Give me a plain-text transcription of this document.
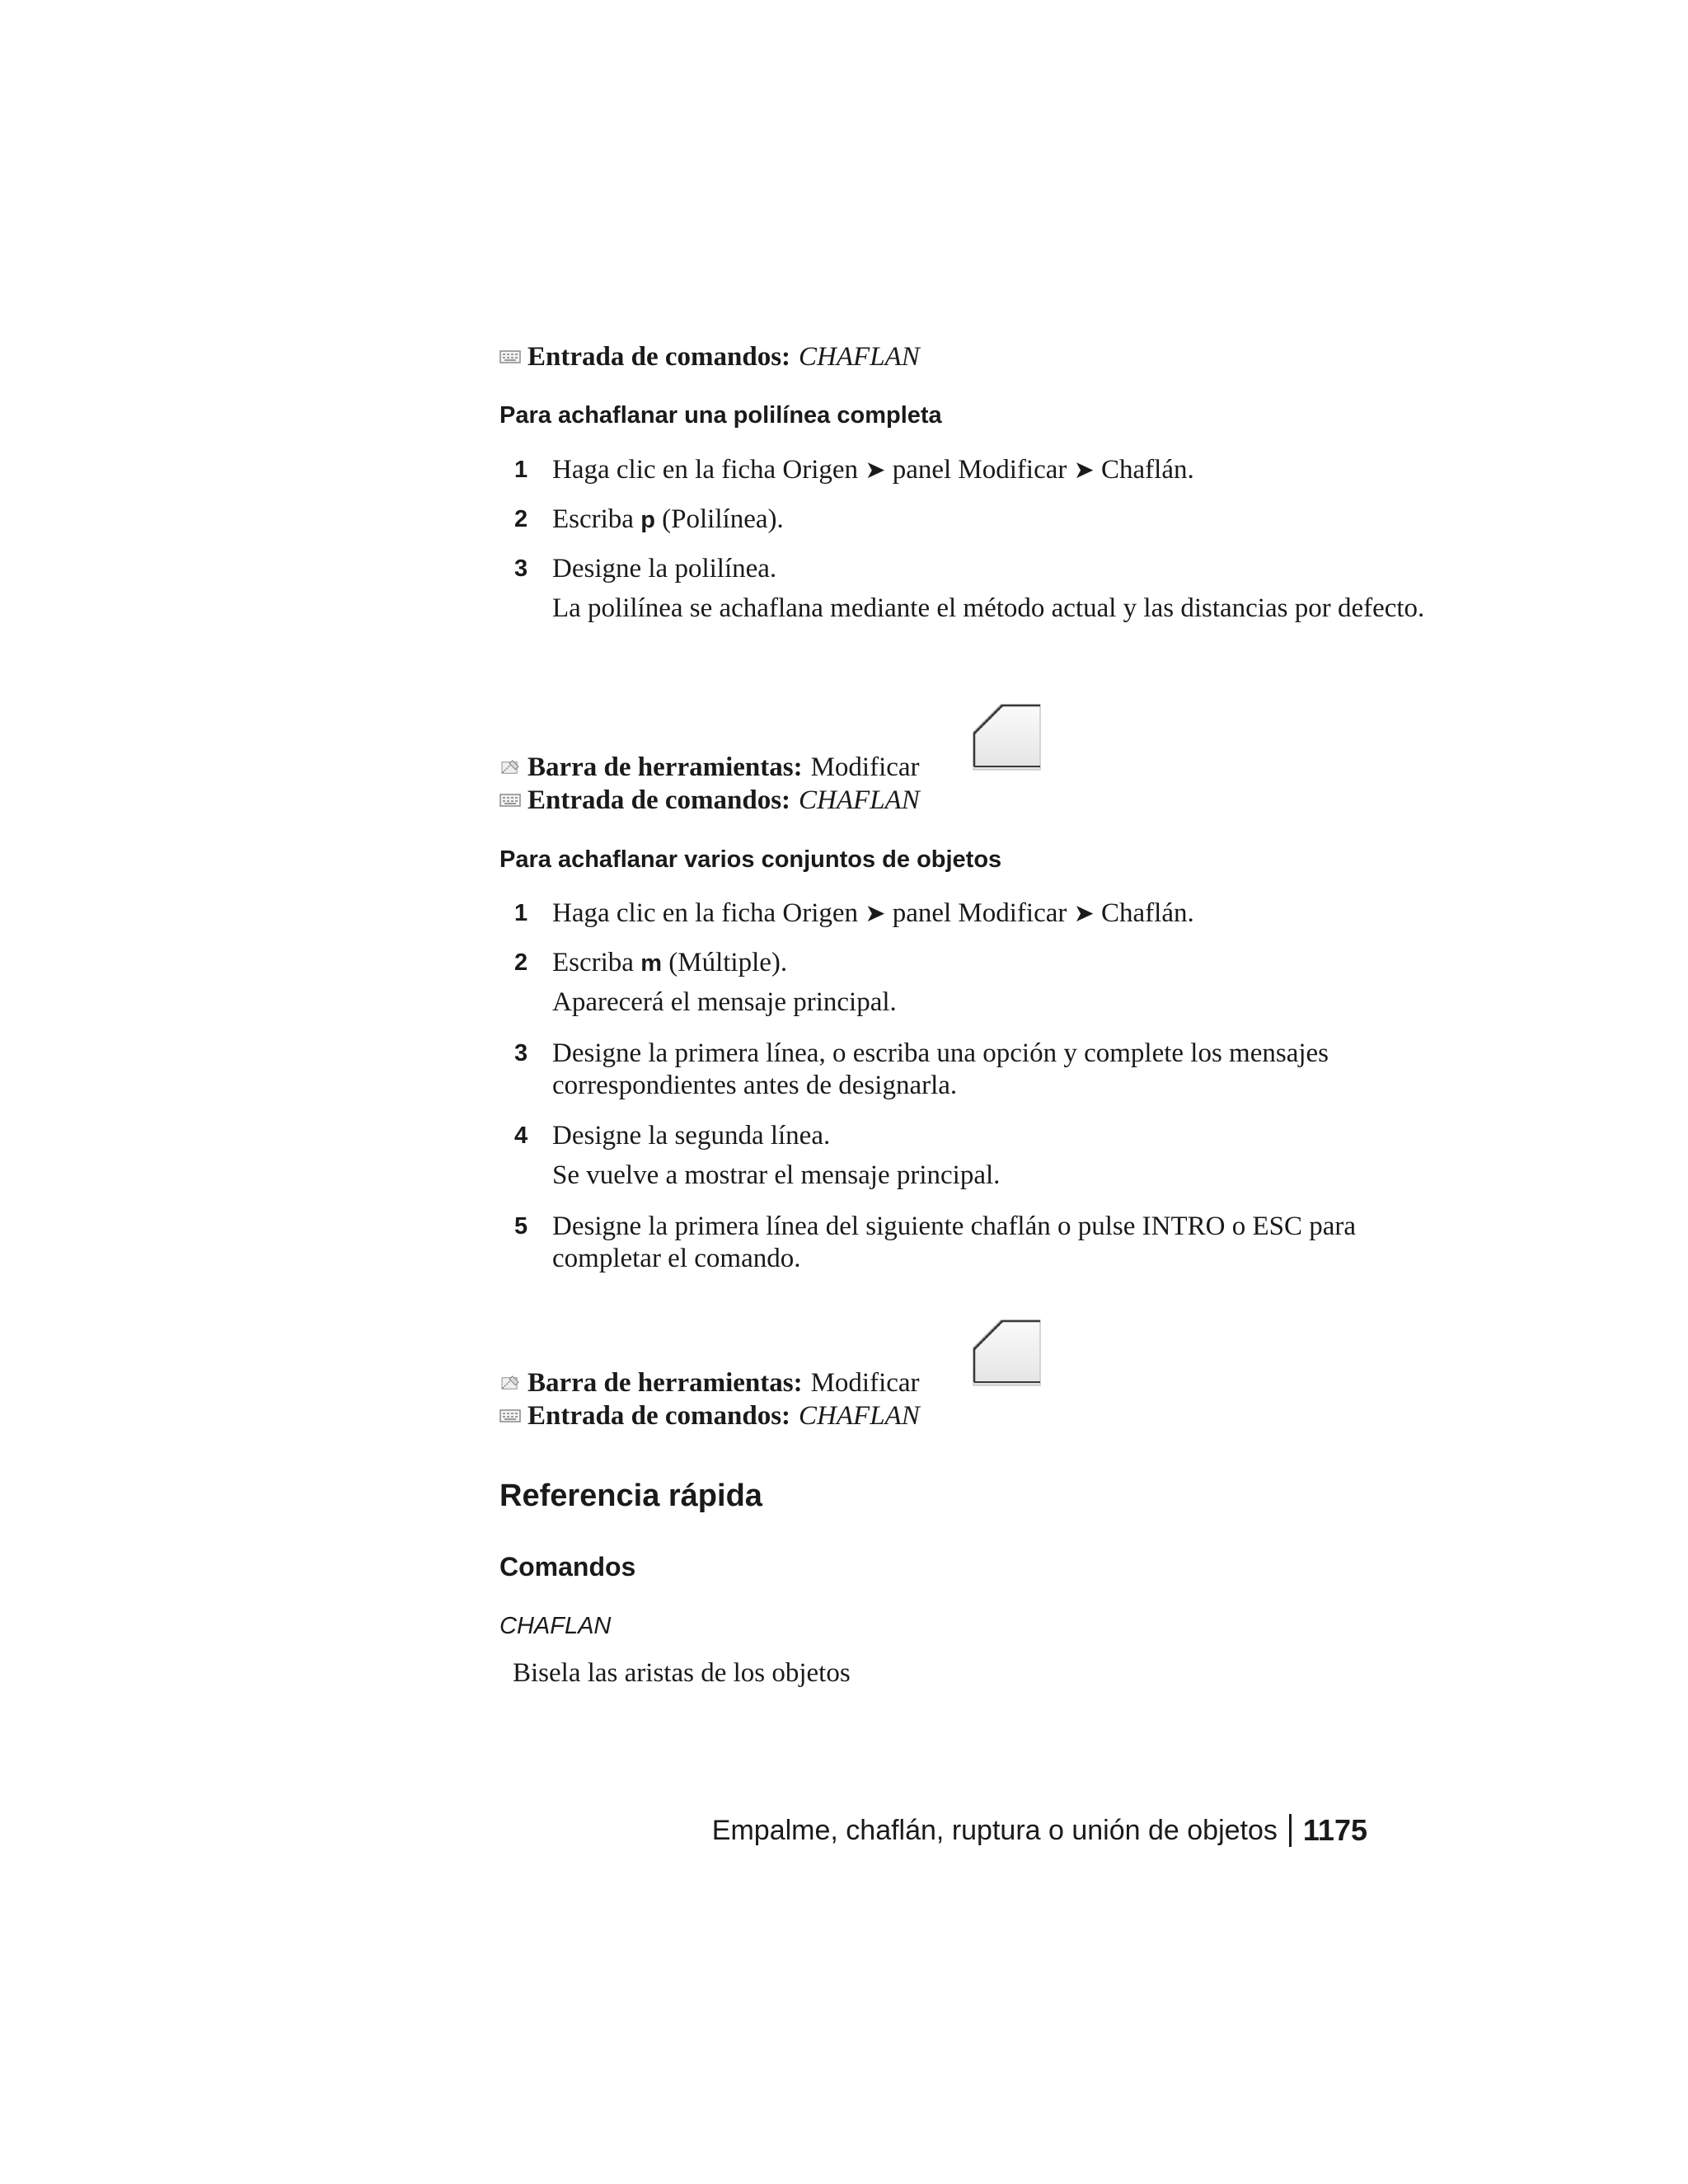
Entrada de comandos: CHAFLAN
Para achaflanar una polilínea completa
1 Haga clic en la ficha Origen ➤ panel Modificar ➤ Chaflán.
2 Escriba p (Polilínea).
3 Designe la polilínea.
La polilínea se achaflana mediante el método actual y las distancias por defecto.
Barra de herramientas: Modificar
Entrada de comandos: CHAFLAN
Para achaflanar varios conjuntos de objetos
1 Haga clic en la ficha Origen ➤ panel Modificar ➤ Chaflán.
2 Escriba m (Múltiple).
Aparecerá el mensaje principal.
3 Designe la primera línea, o escriba una opción y complete los mensajes correspondientes antes de designarla.
4 Designe la segunda línea.
Se vuelve a mostrar el mensaje principal.
5 Designe la primera línea del siguiente chaflán o pulse INTRO o ESC para completar el comando.
Barra de herramientas: Modificar
Entrada de comandos: CHAFLAN
Referencia rápida
Comandos
CHAFLAN
Bisela las aristas de los objetos
Empalme, chaflán, ruptura o unión de objetos 1175
